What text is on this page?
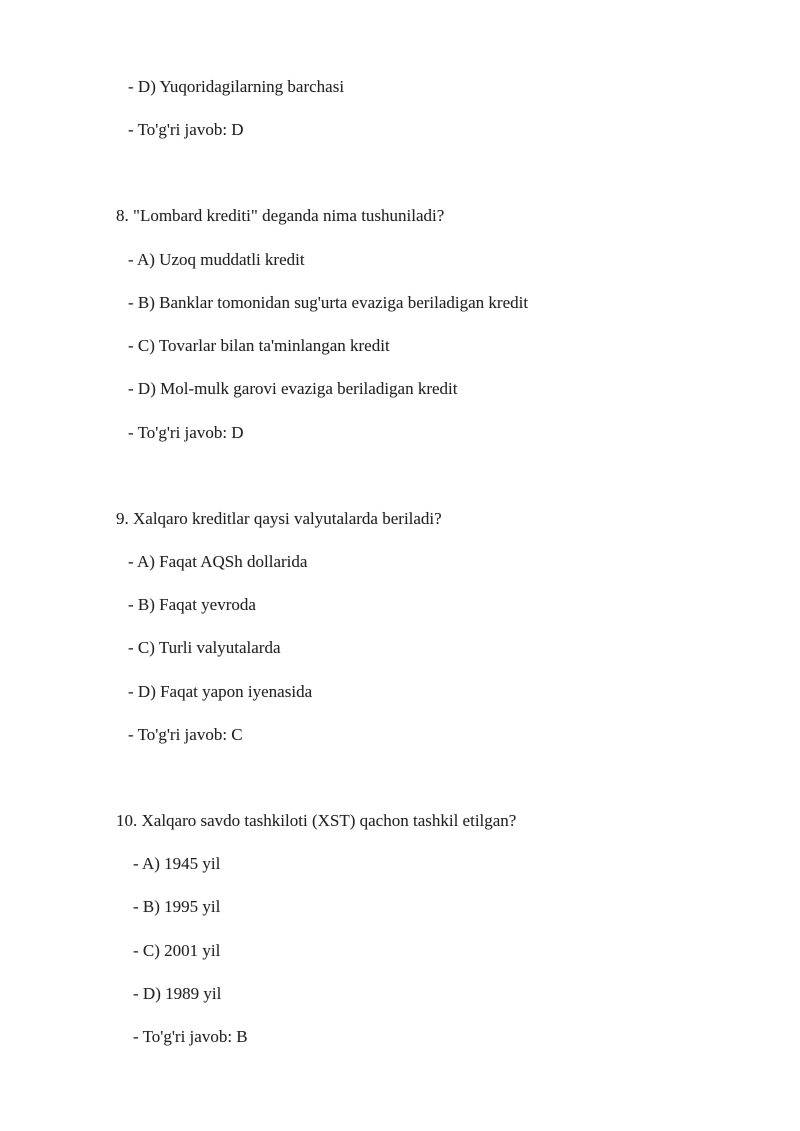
- D) Yuqoridagilarning barchasi
- To'g'ri javob: D
8. "Lombard krediti" deganda nima tushuniladi?
- A) Uzoq muddatli kredit
- B) Banklar tomonidan sug'urta evaziga beriladigan kredit
- C) Tovarlar bilan ta'minlangan kredit
- D) Mol-mulk garovi evaziga beriladigan kredit
- To'g'ri javob: D
9. Xalqaro kreditlar qaysi valyutalarda beriladi?
- A) Faqat AQSh dollarida
- B) Faqat yevroda
- C) Turli valyutalarda
- D) Faqat yapon iyenasida
- To'g'ri javob: C
10. Xalqaro savdo tashkiloti (XST) qachon tashkil etilgan?
- A) 1945 yil
- B) 1995 yil
- C) 2001 yil
- D) 1989 yil
- To'g'ri javob: B
